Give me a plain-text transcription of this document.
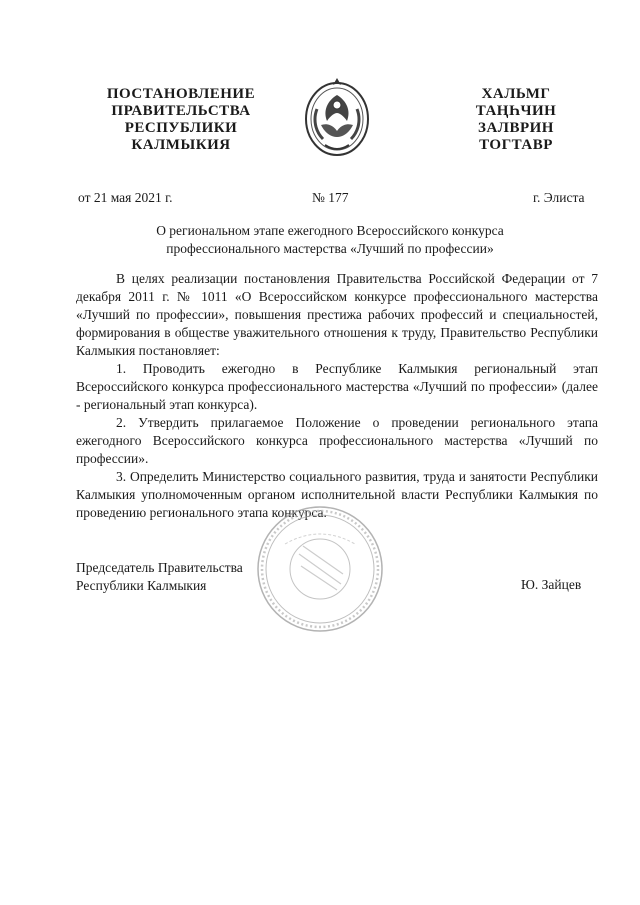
ПОСТАНОВЛЕНИЕ
ПРАВИТЕЛЬСТВА
РЕСПУБЛИКИ
КАЛМЫКИЯ
ХАЛЬМГ
ТАҢҺЧИН
ЗАЛВРИН
ТОГТАВР
от 21 мая 2021 г.	№ 177	г. Элиста
О региональном этапе ежегодного Всероссийского конкурса
профессионального мастерства «Лучший по профессии»

В целях реализации постановления Правительства Российской Федерации от 7 декабря 2011 г. № 1011 «О Всероссийском конкурсе профессионального мастерства «Лучший по профессии», повышения престижа рабочих профессий и специальностей, формирования в обществе уважительного отношения к труду, Правительство Республики Калмыкия постановляет:

1. Проводить ежегодно в Республике Калмыкия региональный этап Всероссийского конкурса профессионального мастерства «Лучший по профессии» (далее - региональный этап конкурса).

2. Утвердить прилагаемое Положение о проведении регионального этапа ежегодного Всероссийского конкурса профессионального мастерства «Лучший по профессии».

3. Определить Министерство социального развития, труда и занятости Республики Калмыкия уполномоченным органом исполнительной власти Республики Калмыкия по проведению регионального этапа конкурса.

Председатель Правительства
Республики Калмыкия	Ю. Зайцев
